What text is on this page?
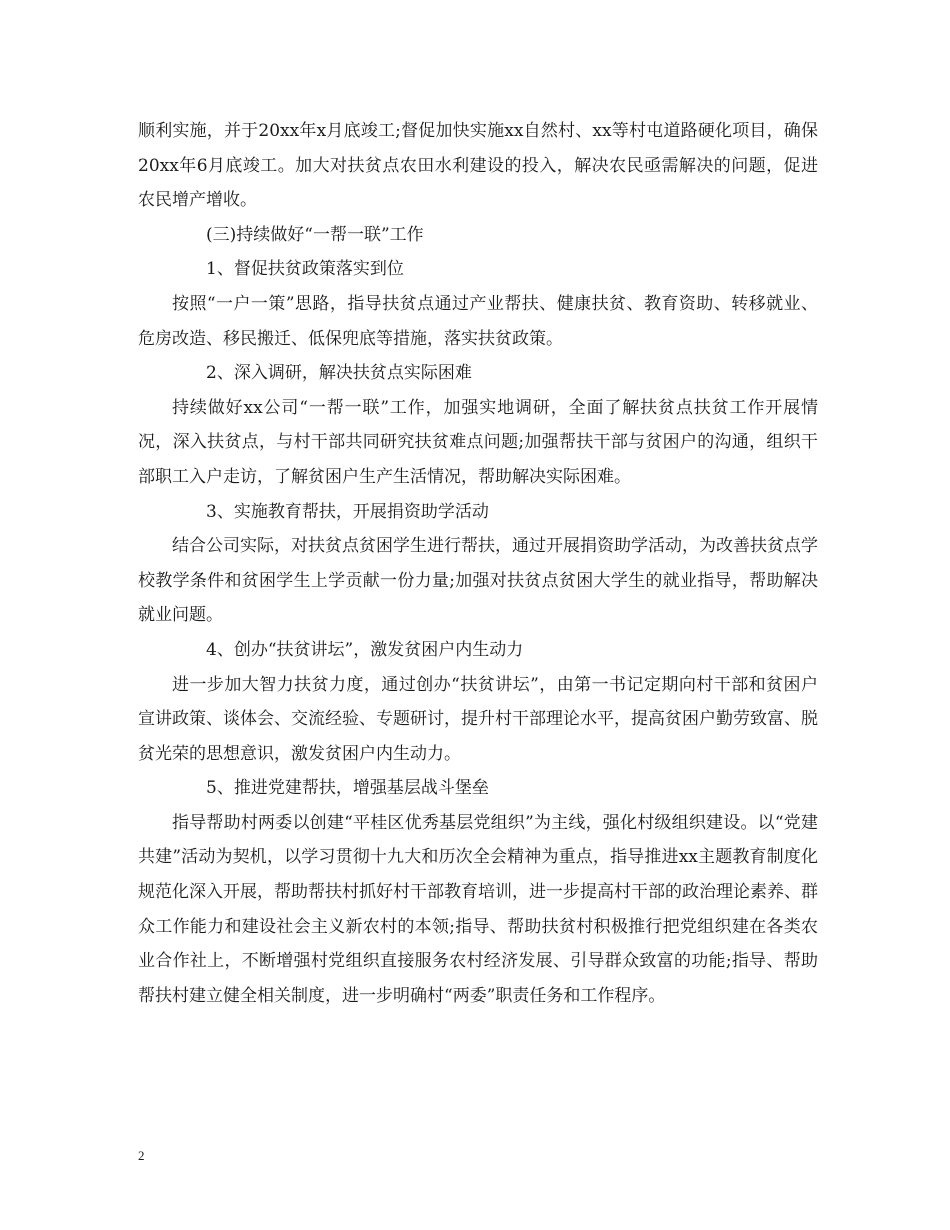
顺利实施，并于20xx年x月底竣工;督促加快实施xx自然村、xx等村屯道路硬化项目，确保20xx年6月底竣工。加大对扶贫点农田水利建设的投入，解决农民亟需解决的问题，促进农民增产增收。

(三)持续做好“一帮一联”工作

1、督促扶贫政策落实到位

按照“一户一策”思路，指导扶贫点通过产业帮扶、健康扶贫、教育资助、转移就业、危房改造、移民搬迁、低保兜底等措施，落实扶贫政策。

2、深入调研，解决扶贫点实际困难

持续做好xx公司“一帮一联”工作，加强实地调研，全面了解扶贫点扶贫工作开展情况，深入扶贫点，与村干部共同研究扶贫难点问题;加强帮扶干部与贫困户的沟通，组织干部职工入户走访，了解贫困户生产生活情况，帮助解决实际困难。

3、实施教育帮扶，开展捐资助学活动

结合公司实际，对扶贫点贫困学生进行帮扶，通过开展捐资助学活动，为改善扶贫点学校教学条件和贫困学生上学贡献一份力量;加强对扶贫点贫困大学生的就业指导，帮助解决就业问题。

4、创办“扶贫讲坛”，激发贫困户内生动力

进一步加大智力扶贫力度，通过创办“扶贫讲坛”，由第一书记定期向村干部和贫困户宣讲政策、谈体会、交流经验、专题研讨，提升村干部理论水平，提高贫困户勤劳致富、脱贫光荣的思想意识，激发贫困户内生动力。

5、推进党建帮扶，增强基层战斗堡垒

指导帮助村两委以创建“平桂区优秀基层党组织”为主线，强化村级组织建设。以“党建共建”活动为契机，以学习贯彻十九大和历次全会精神为重点，指导推进xx主题教育制度化规范化深入开展，帮助帮扶村抓好村干部教育培训，进一步提高村干部的政治理论素养、群众工作能力和建设社会主义新农村的本领;指导、帮助扶贫村积极推行把党组织建在各类农业合作社上，不断增强村党组织直接服务农村经济发展、引导群众致富的功能;指导、帮助帮扶村建立健全相关制度，进一步明确村“两委”职责任务和工作程序。

2
